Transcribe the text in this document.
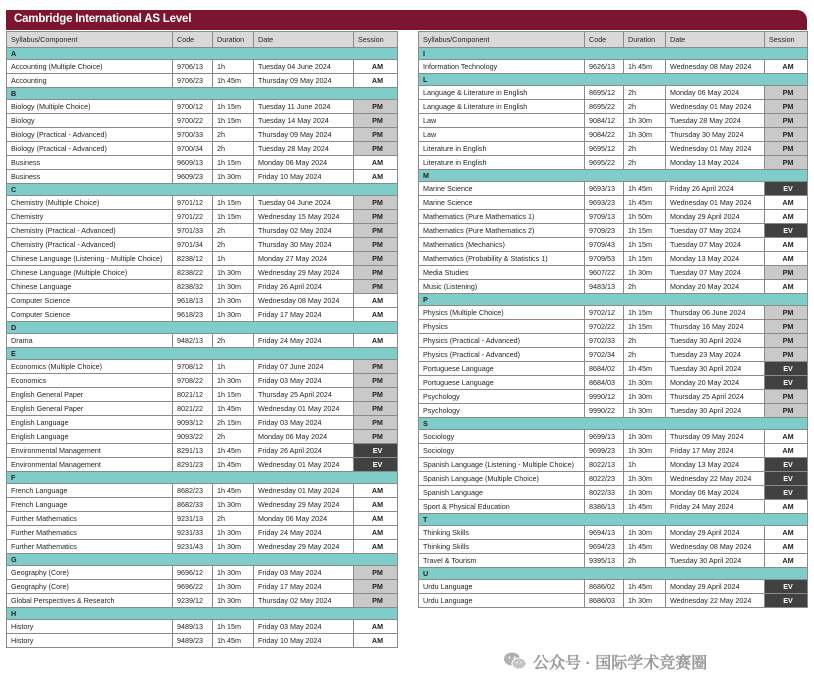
Cambridge International AS Level
Syllabus/Component	Code	Duration	Date	Session
A				
Accounting (Multiple Choice)	9706/13	1h	Tuesday 04 June 2024	AM
Accounting	9706/23	1h 45m	Thursday 09 May 2024	AM
B				
Biology (Multiple Choice)	9700/12	1h 15m	Tuesday 11 June 2024	PM
Biology	9700/22	1h 15m	Tuesday 14 May 2024	PM
Biology (Practical - Advanced)	9700/33	2h	Thursday 09 May 2024	PM
Biology (Practical - Advanced)	9700/34	2h	Tuesday 28 May 2024	PM
Business	9609/13	1h 15m	Monday 06 May 2024	AM
Business	9609/23	1h 30m	Friday 10 May 2024	AM
C				
Chemistry (Multiple Choice)	9701/12	1h 15m	Tuesday 04 June 2024	PM
Chemistry	9701/22	1h 15m	Wednesday 15 May 2024	PM
Chemistry (Practical - Advanced)	9701/33	2h	Thursday 02 May 2024	PM
Chemistry (Practical - Advanced)	9701/34	2h	Thursday 30 May 2024	PM
Chinese Language (Listening - Multiple Choice)	8238/12	1h	Monday 27 May 2024	PM
Chinese Language (Multiple Choice)	8238/22	1h 30m	Wednesday 29 May 2024	PM
Chinese Language	8238/32	1h 30m	Friday 26 April 2024	PM
Computer Science	9618/13	1h 30m	Wednesday 08 May 2024	AM
Computer Science	9618/23	1h 30m	Friday 17 May 2024	AM
D				
Drama	9482/13	2h	Friday 24 May 2024	AM
E				
Economics (Multiple Choice)	9708/12	1h	Friday 07 June 2024	PM
Economics	9708/22	1h 30m	Friday 03 May 2024	PM
English General Paper	8021/12	1h 15m	Thursday 25 April 2024	PM
English General Paper	8021/22	1h 45m	Wednesday 01 May 2024	PM
English Language	9093/12	2h 15m	Friday 03 May 2024	PM
English Language	9093/22	2h	Monday 06 May 2024	PM
Environmental Management	8291/13	1h 45m	Friday 26 April 2024	EV
Environmental Management	8291/23	1h 45m	Wednesday 01 May 2024	EV
F				
French Language	8682/23	1h 45m	Wednesday 01 May 2024	AM
French Language	8682/33	1h 30m	Wednesday 29 May 2024	AM
Further Mathematics	9231/13	2h	Monday 06 May 2024	AM
Further Mathematics	9231/33	1h 30m	Friday 24 May 2024	AM
Further Mathematics	9231/43	1h 30m	Wednesday 29 May 2024	AM
G				
Geography (Core)	9696/12	1h 30m	Friday 03 May 2024	PM
Geography (Core)	9696/22	1h 30m	Friday 17 May 2024	PM
Global Perspectives & Research	9239/12	1h 30m	Thursday 02 May 2024	PM
H				
History	9489/13	1h 15m	Friday 03 May 2024	AM
History	9489/23	1h 45m	Friday 10 May 2024	AM
Syllabus/Component	Code	Duration	Date	Session
I				
Information Technology	9626/13	1h 45m	Wednesday 08 May 2024	AM
L				
Language & Literature in English	8695/12	2h	Monday 06 May 2024	PM
Language & Literature in English	8695/22	2h	Wednesday 01 May 2024	PM
Law	9084/12	1h 30m	Tuesday 28 May 2024	PM
Law	9084/22	1h 30m	Thursday 30 May 2024	PM
Literature in English	9695/12	2h	Wednesday 01 May 2024	PM
Literature in English	9695/22	2h	Monday 13 May 2024	PM
M				
Marine Science	9693/13	1h 45m	Friday 26 April 2024	EV
Marine Science	9693/23	1h 45m	Wednesday 01 May 2024	AM
Mathematics (Pure Mathematics 1)	9709/13	1h 50m	Monday 29 April 2024	AM
Mathematics (Pure Mathematics 2)	9709/23	1h 15m	Tuesday 07 May 2024	EV
Mathematics (Mechanics)	9709/43	1h 15m	Tuesday 07 May 2024	AM
Mathematics (Probability & Statistics 1)	9709/53	1h 15m	Monday 13 May 2024	AM
Media Studies	9607/22	1h 30m	Tuesday 07 May 2024	PM
Music (Listening)	9483/13	2h	Monday 20 May 2024	AM
P				
Physics (Multiple Choice)	9702/12	1h 15m	Thursday 06 June 2024	PM
Physics	9702/22	1h 15m	Thursday 16 May 2024	PM
Physics (Practical - Advanced)	9702/33	2h	Tuesday 30 April 2024	PM
Physics (Practical - Advanced)	9702/34	2h	Tuesday 23 May 2024	PM
Portuguese Language	8684/02	1h 45m	Tuesday 30 April 2024	EV
Portuguese Language	8684/03	1h 30m	Monday 20 May 2024	EV
Psychology	9990/12	1h 30m	Thursday 25 April 2024	PM
Psychology	9990/22	1h 30m	Tuesday 30 April 2024	PM
S				
Sociology	9699/13	1h 30m	Thursday 09 May 2024	AM
Sociology	9699/23	1h 30m	Friday 17 May 2024	AM
Spanish Language (Listening - Multiple Choice)	8022/13	1h	Monday 13 May 2024	EV
Spanish Language (Multiple Choice)	8022/23	1h 30m	Wednesday 22 May 2024	EV
Spanish Language	8022/33	1h 30m	Monday 06 May 2024	EV
Sport & Physical Education	8386/13	1h 45m	Friday 24 May 2024	AM
T				
Thinking Skills	9694/13	1h 30m	Monday 29 April 2024	AM
Thinking Skills	9694/23	1h 45m	Wednesday 08 May 2024	AM
Travel & Tourism	9395/13	2h	Tuesday 30 April 2024	AM
U				
Urdu Language	8686/02	1h 45m	Monday 29 April 2024	EV
Urdu Language	8686/03	1h 30m	Wednesday 22 May 2024	EV
公众号 · 国际学术竞赛圈
